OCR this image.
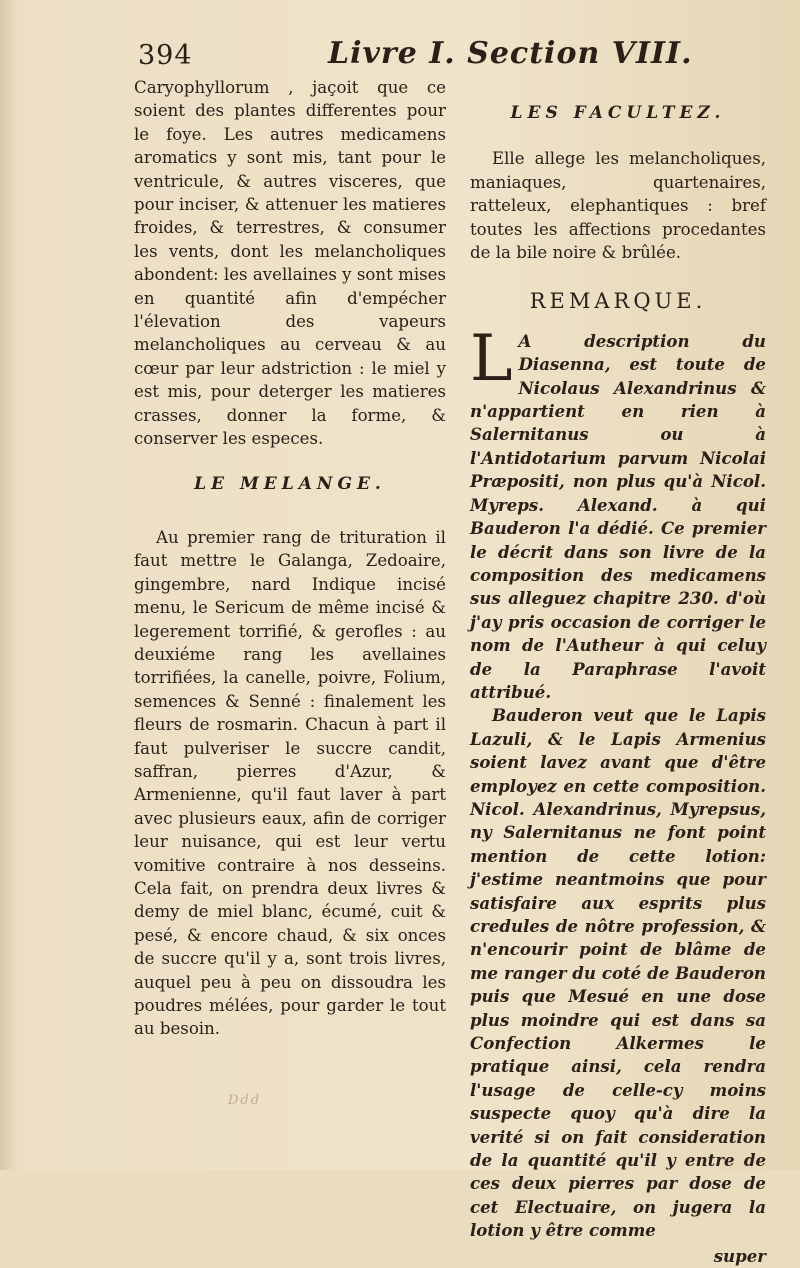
394	Livre I. Section VIII.

Caryophyllorum , jaçoit que ce soient des plantes differentes pour le foye. Les autres medicamens aromatics y sont mis, tant pour le ventricule, & autres visceres, que pour inciser, & attenuer les matieres froides, & terrestres, & consumer les vents, dont les melancholiques abondent: les avellaines y sont mises en quantité afin d'empécher l'élevation des vapeurs melancholiques au cerveau & au cœur par leur adstriction : le miel y est mis, pour deterger les matieres crasses, donner la forme, & conserver les especes.

LE MELANGE.

Au premier rang de trituration il faut mettre le Galanga, Zedoaire, gingembre, nard Indique incisé menu, le Sericum de même incisé & legerement torrifié, & gerofles : au deuxiéme rang les avellaines torrifiées, la canelle, poivre, Folium, semences & Senné : finalement les fleurs de rosmarin. Chacun à part il faut pulveriser le succre candit, saffran, pierres d'Azur, & Armenienne, qu'il faut laver à part avec plusieurs eaux, afin de corriger leur nuisance, qui est leur vertu vomitive contraire à nos desseins. Cela fait, on prendra deux livres & demy de miel blanc, écumé, cuit & pesé, & encore chaud, & six onces de succre qu'il y a, sont trois livres, auquel peu à peu on dissoudra les poudres mélées, pour garder le tout au besoin.

LES FACULTEZ.

Elle allege les melancholiques, maniaques, quartenaires, ratteleux, elephantiques : bref toutes les affections procedantes de la bile noire & brûlée.

REMARQUE.

L A description du Diasenna, est toute de Nicolaus Alexandrinus & n'appartient en rien à Salernitanus ou à l'Antidotarium parvum Nicolai Præpositi, non plus qu'à Nicol. Myreps. Alexand. à qui Bauderon l'a dédié. Ce premier le décrit dans son livre de la composition des medicamens sus alleguez chapitre 230. d'où j'ay pris occasion de corriger le nom de l'Autheur à qui celuy de la Paraphrase l'avoit attribué.

Bauderon veut que le Lapis Lazuli, & le Lapis Armenius soient lavez avant que d'être employez en cette composition. Nicol. Alexandrinus, Myrepsus, ny Salernitanus ne font point mention de cette lotion: j'estime neantmoins que pour satisfaire aux esprits plus credules de nôtre profession, & n'encourir point de blâme de me ranger du coté de Bauderon puis que Mesué en une dose plus moindre qui est dans sa Confection Alkermes le pratique ainsi, cela rendra l'usage de celle-cy moins suspecte quoy qu'à dire la verité si on fait consideration de la quantité qu'il y entre de ces deux pierres par dose de cet Electuaire, on jugera la lotion y être comme

super
Ddd
